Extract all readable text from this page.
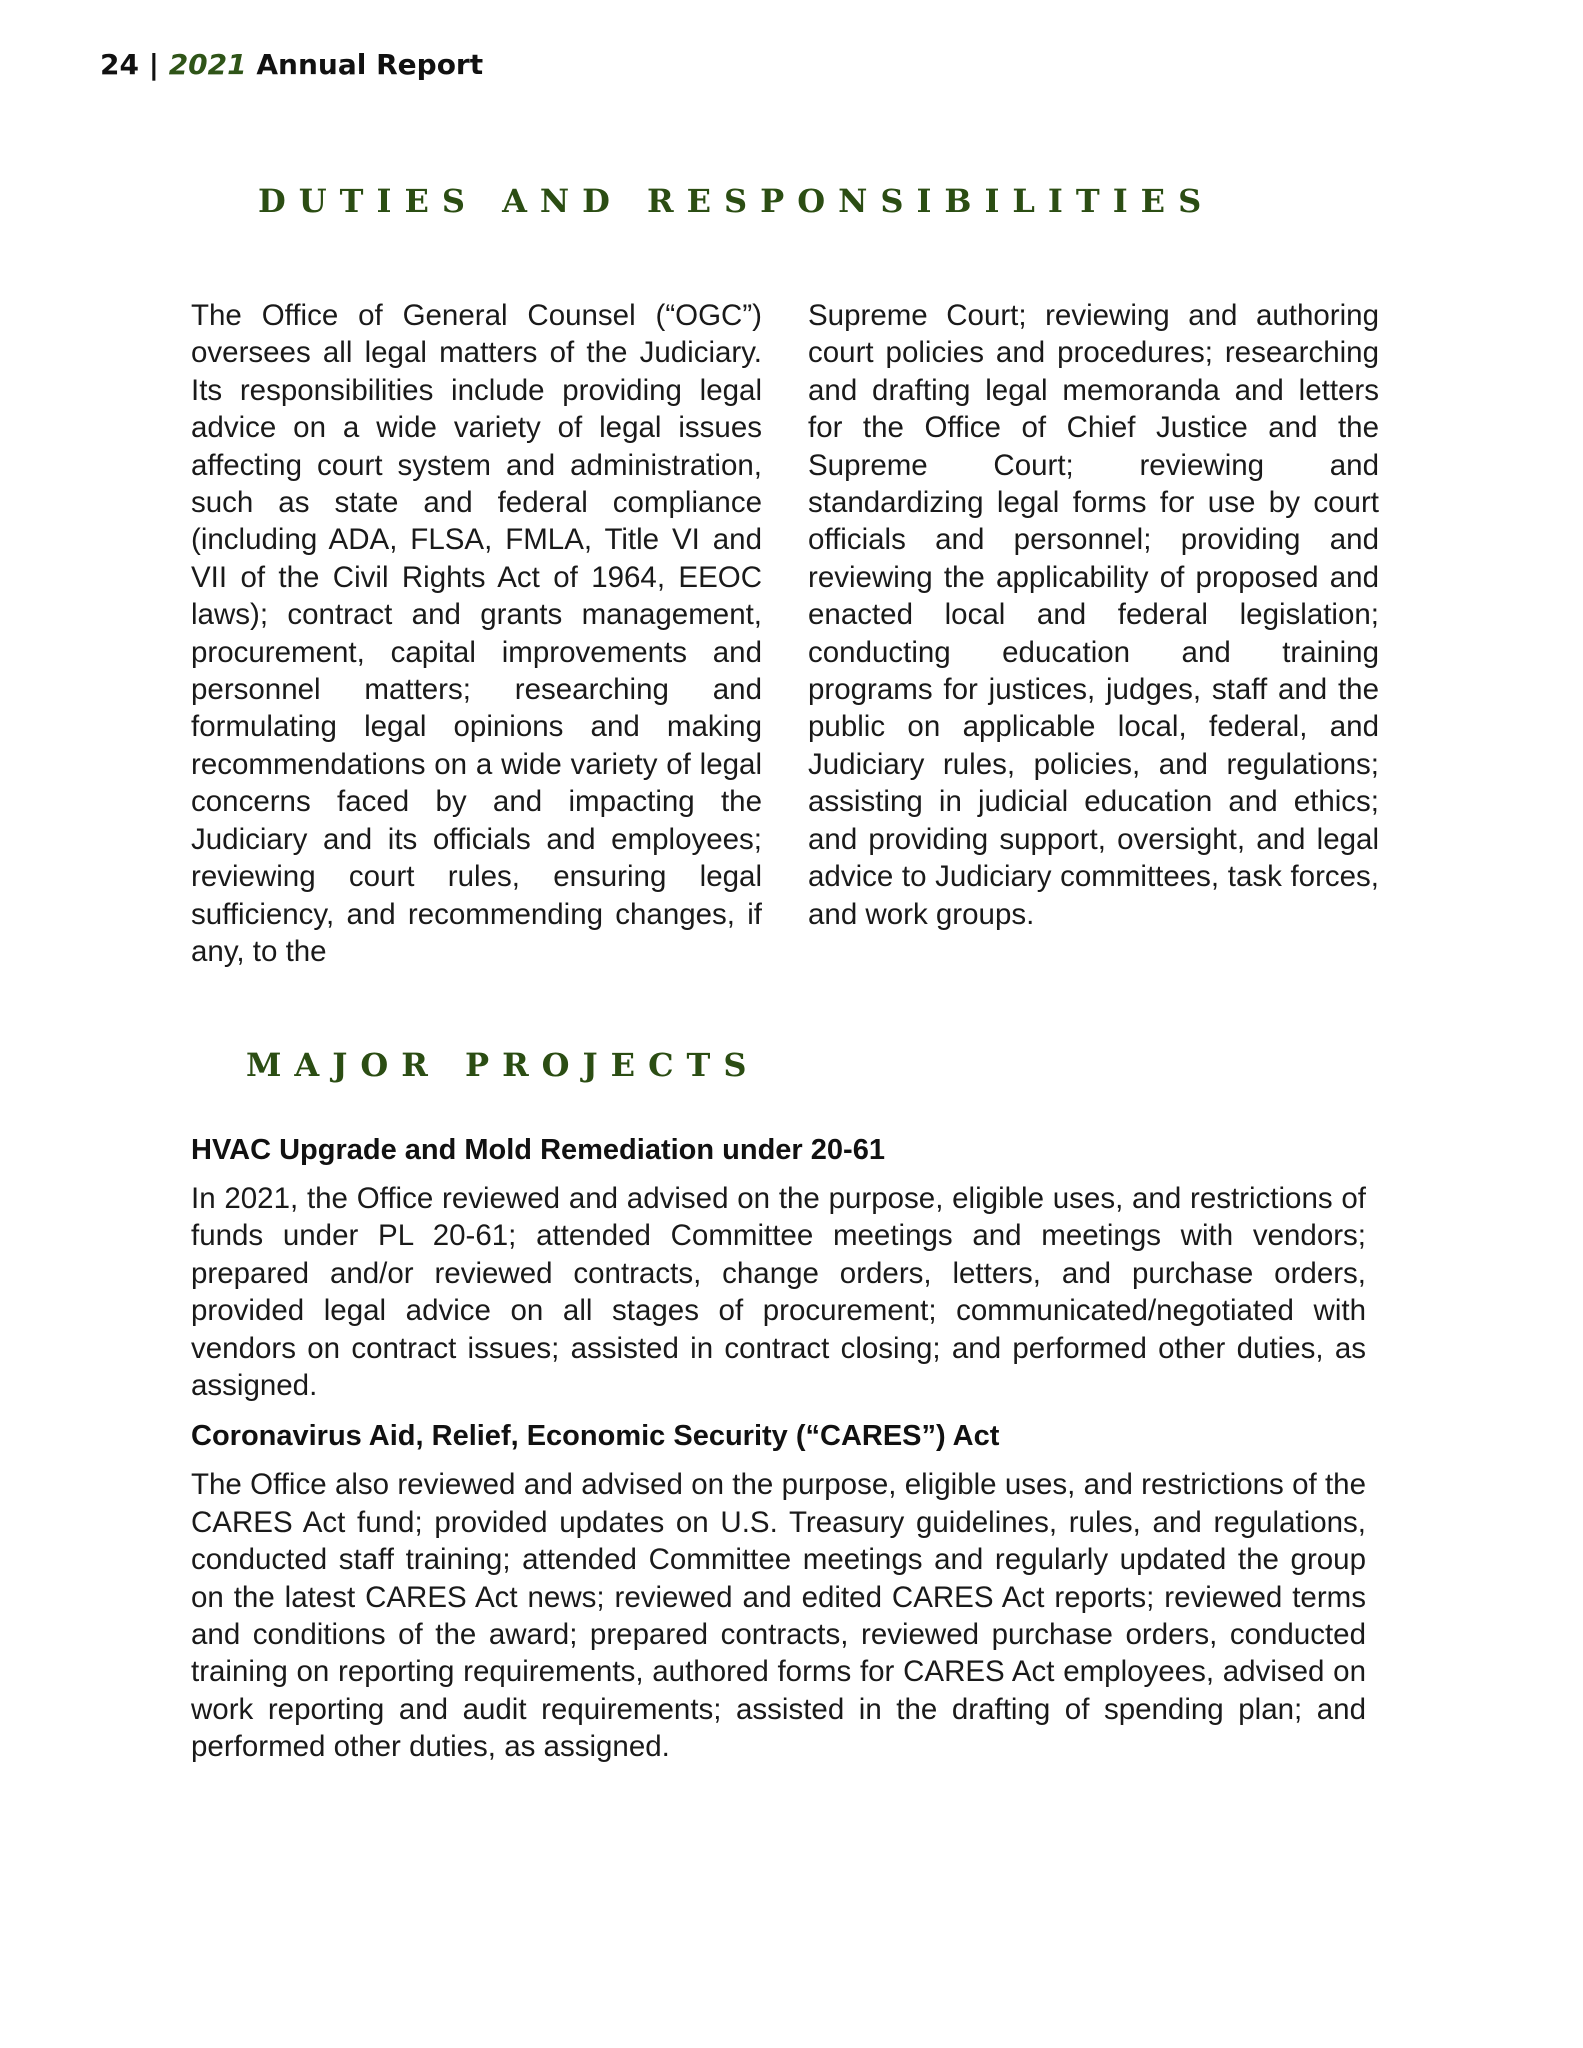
24 | 2021 Annual Report
DUTIES AND RESPONSIBILITIES

The Office of General Counsel (“OGC”) oversees all legal matters of the Judiciary. Its responsibilities include providing legal advice on a wide variety of legal issues affecting court system and administration, such as state and federal compliance (including ADA, FLSA, FMLA, Title VI and VII of the Civil Rights Act of 1964, EEOC laws); contract and grants management, procurement, capital improvements and personnel matters; researching and formulating legal opinions and making recommendations on a wide variety of legal concerns faced by and impacting the Judiciary and its officials and employees; reviewing court rules, ensuring legal sufficiency, and recommending changes, if any, to the

Supreme Court; reviewing and authoring court policies and procedures; researching and drafting legal memoranda and letters for the Office of Chief Justice and the Supreme Court; reviewing and standardizing legal forms for use by court officials and personnel; providing and reviewing the applicability of proposed and enacted local and federal legislation; conducting education and training programs for justices, judges, staff and the public on applicable local, federal, and Judiciary rules, policies, and regulations; assisting in judicial education and ethics; and providing support, oversight, and legal advice to Judiciary committees, task forces, and work groups.

MAJOR PROJECTS
HVAC Upgrade and Mold Remediation under 20-61

In 2021, the Office reviewed and advised on the purpose, eligible uses, and restrictions of funds under PL 20-61; attended Committee meetings and meetings with vendors; prepared and/or reviewed contracts, change orders, letters, and purchase orders, provided legal advice on all stages of procurement; communicated/negotiated with vendors on contract issues; assisted in contract closing; and performed other duties, as assigned.

Coronavirus Aid, Relief, Economic Security (“CARES”) Act

The Office also reviewed and advised on the purpose, eligible uses, and restrictions of the CARES Act fund; provided updates on U.S. Treasury guidelines, rules, and regulations, conducted staff training; attended Committee meetings and regularly updated the group on the latest CARES Act news; reviewed and edited CARES Act reports; reviewed terms and conditions of the award; prepared contracts, reviewed purchase orders, conducted training on reporting requirements, authored forms for CARES Act employees, advised on work reporting and audit requirements; assisted in the drafting of spending plan; and performed other duties, as assigned.
